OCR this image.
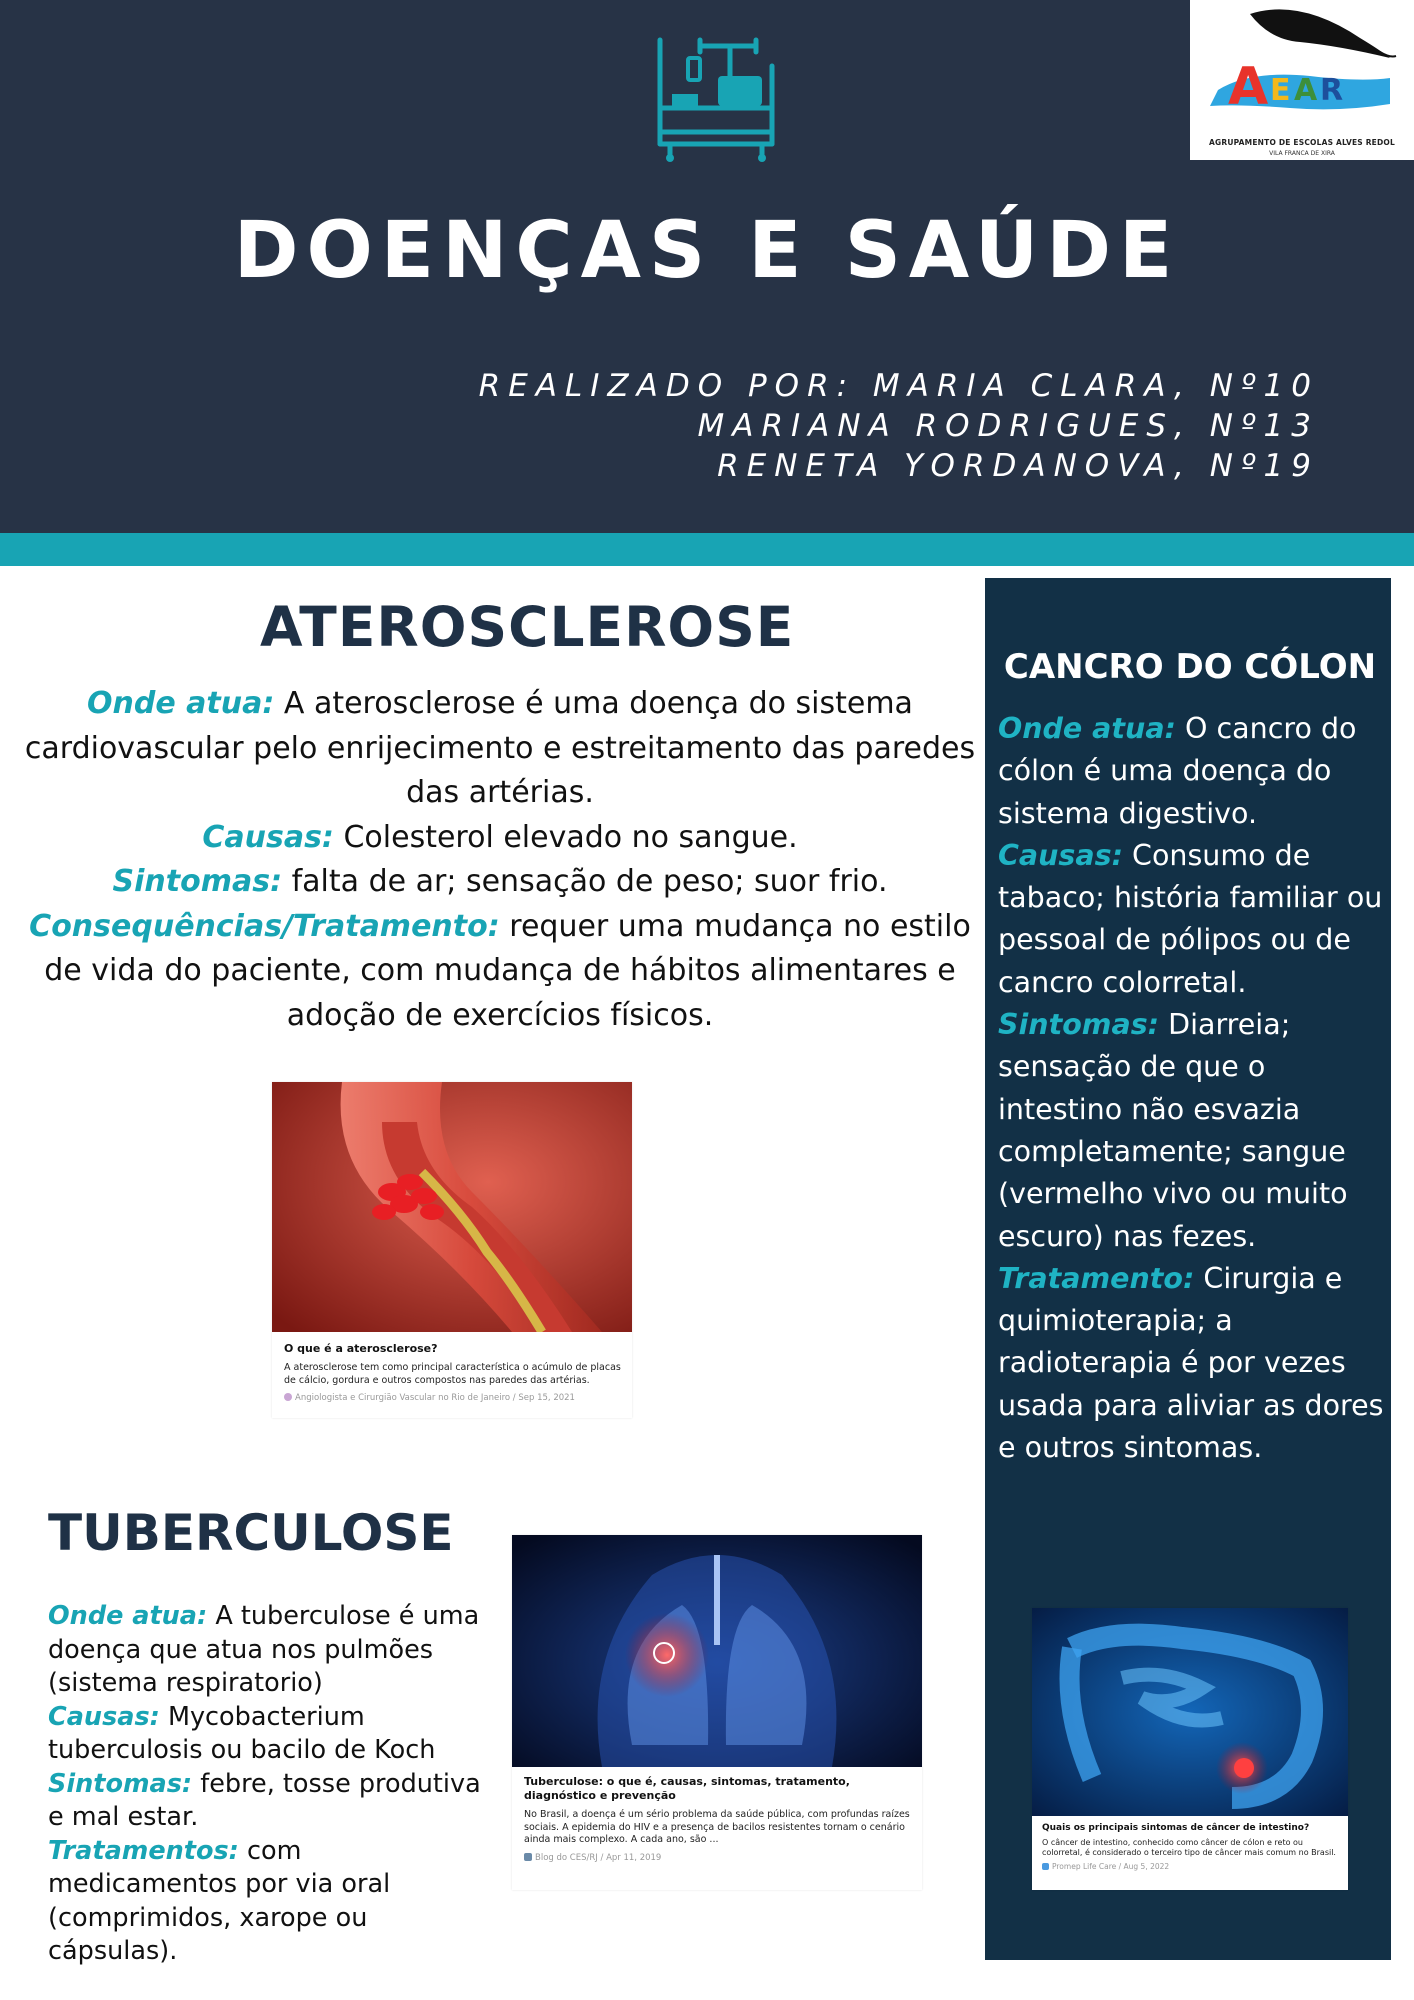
A E A R
AGRUPAMENTO DE ESCOLAS ALVES REDOL
VILA FRANCA DE XIRA
DOENÇAS E SAÚDE
REALIZADO POR: MARIA CLARA, Nº10
MARIANA RODRIGUES, Nº13
RENETA YORDANOVA, Nº19
ATEROSCLEROSE
Onde atua: A aterosclerose é uma doença do sistema cardiovascular pelo enrijecimento e estreitamento das paredes das artérias.
Causas: Colesterol elevado no sangue.
Sintomas: falta de ar; sensação de peso; suor frio.
Consequências/Tratamento: requer uma mudança no estilo de vida do paciente, com mudança de hábitos alimentares e adoção de exercícios físicos.
O que é a aterosclerose?
A aterosclerose tem como principal característica o acúmulo de placas de cálcio, gordura e outros compostos nas paredes das artérias.
Angiologista e Cirurgião Vascular no Rio de Janeiro / Sep 15, 2021
TUBERCULOSE
Onde atua: A tuberculose é uma doença que atua nos pulmões (sistema respiratorio)
Causas: Mycobacterium tuberculosis ou bacilo de Koch
Sintomas: febre, tosse produtiva e mal estar.
Tratamentos: com medicamentos por via oral (comprimidos, xarope ou cápsulas).
Tuberculose: o que é, causas, sintomas, tratamento, diagnóstico e prevenção
No Brasil, a doença é um sério problema da saúde pública, com profundas raízes sociais. A epidemia do HIV e a presença de bacilos resistentes tornam o cenário ainda mais complexo. A cada ano, são ...
Blog do CES/RJ / Apr 11, 2019
CANCRO DO CÓLON
Onde atua: O cancro do cólon é uma doença do sistema digestivo.
Causas: Consumo de tabaco; história familiar ou pessoal de pólipos ou de cancro colorretal.
Sintomas: Diarreia; sensação de que o intestino não esvazia completamente; sangue (vermelho vivo ou muito escuro) nas fezes.
Tratamento: Cirurgia e quimioterapia; a radioterapia é por vezes usada para aliviar as dores e outros sintomas.
Quais os principais sintomas de câncer de intestino?
O câncer de intestino, conhecido como câncer de cólon e reto ou colorretal, é considerado o terceiro tipo de câncer mais comum no Brasil.
Promep Life Care / Aug 5, 2022
